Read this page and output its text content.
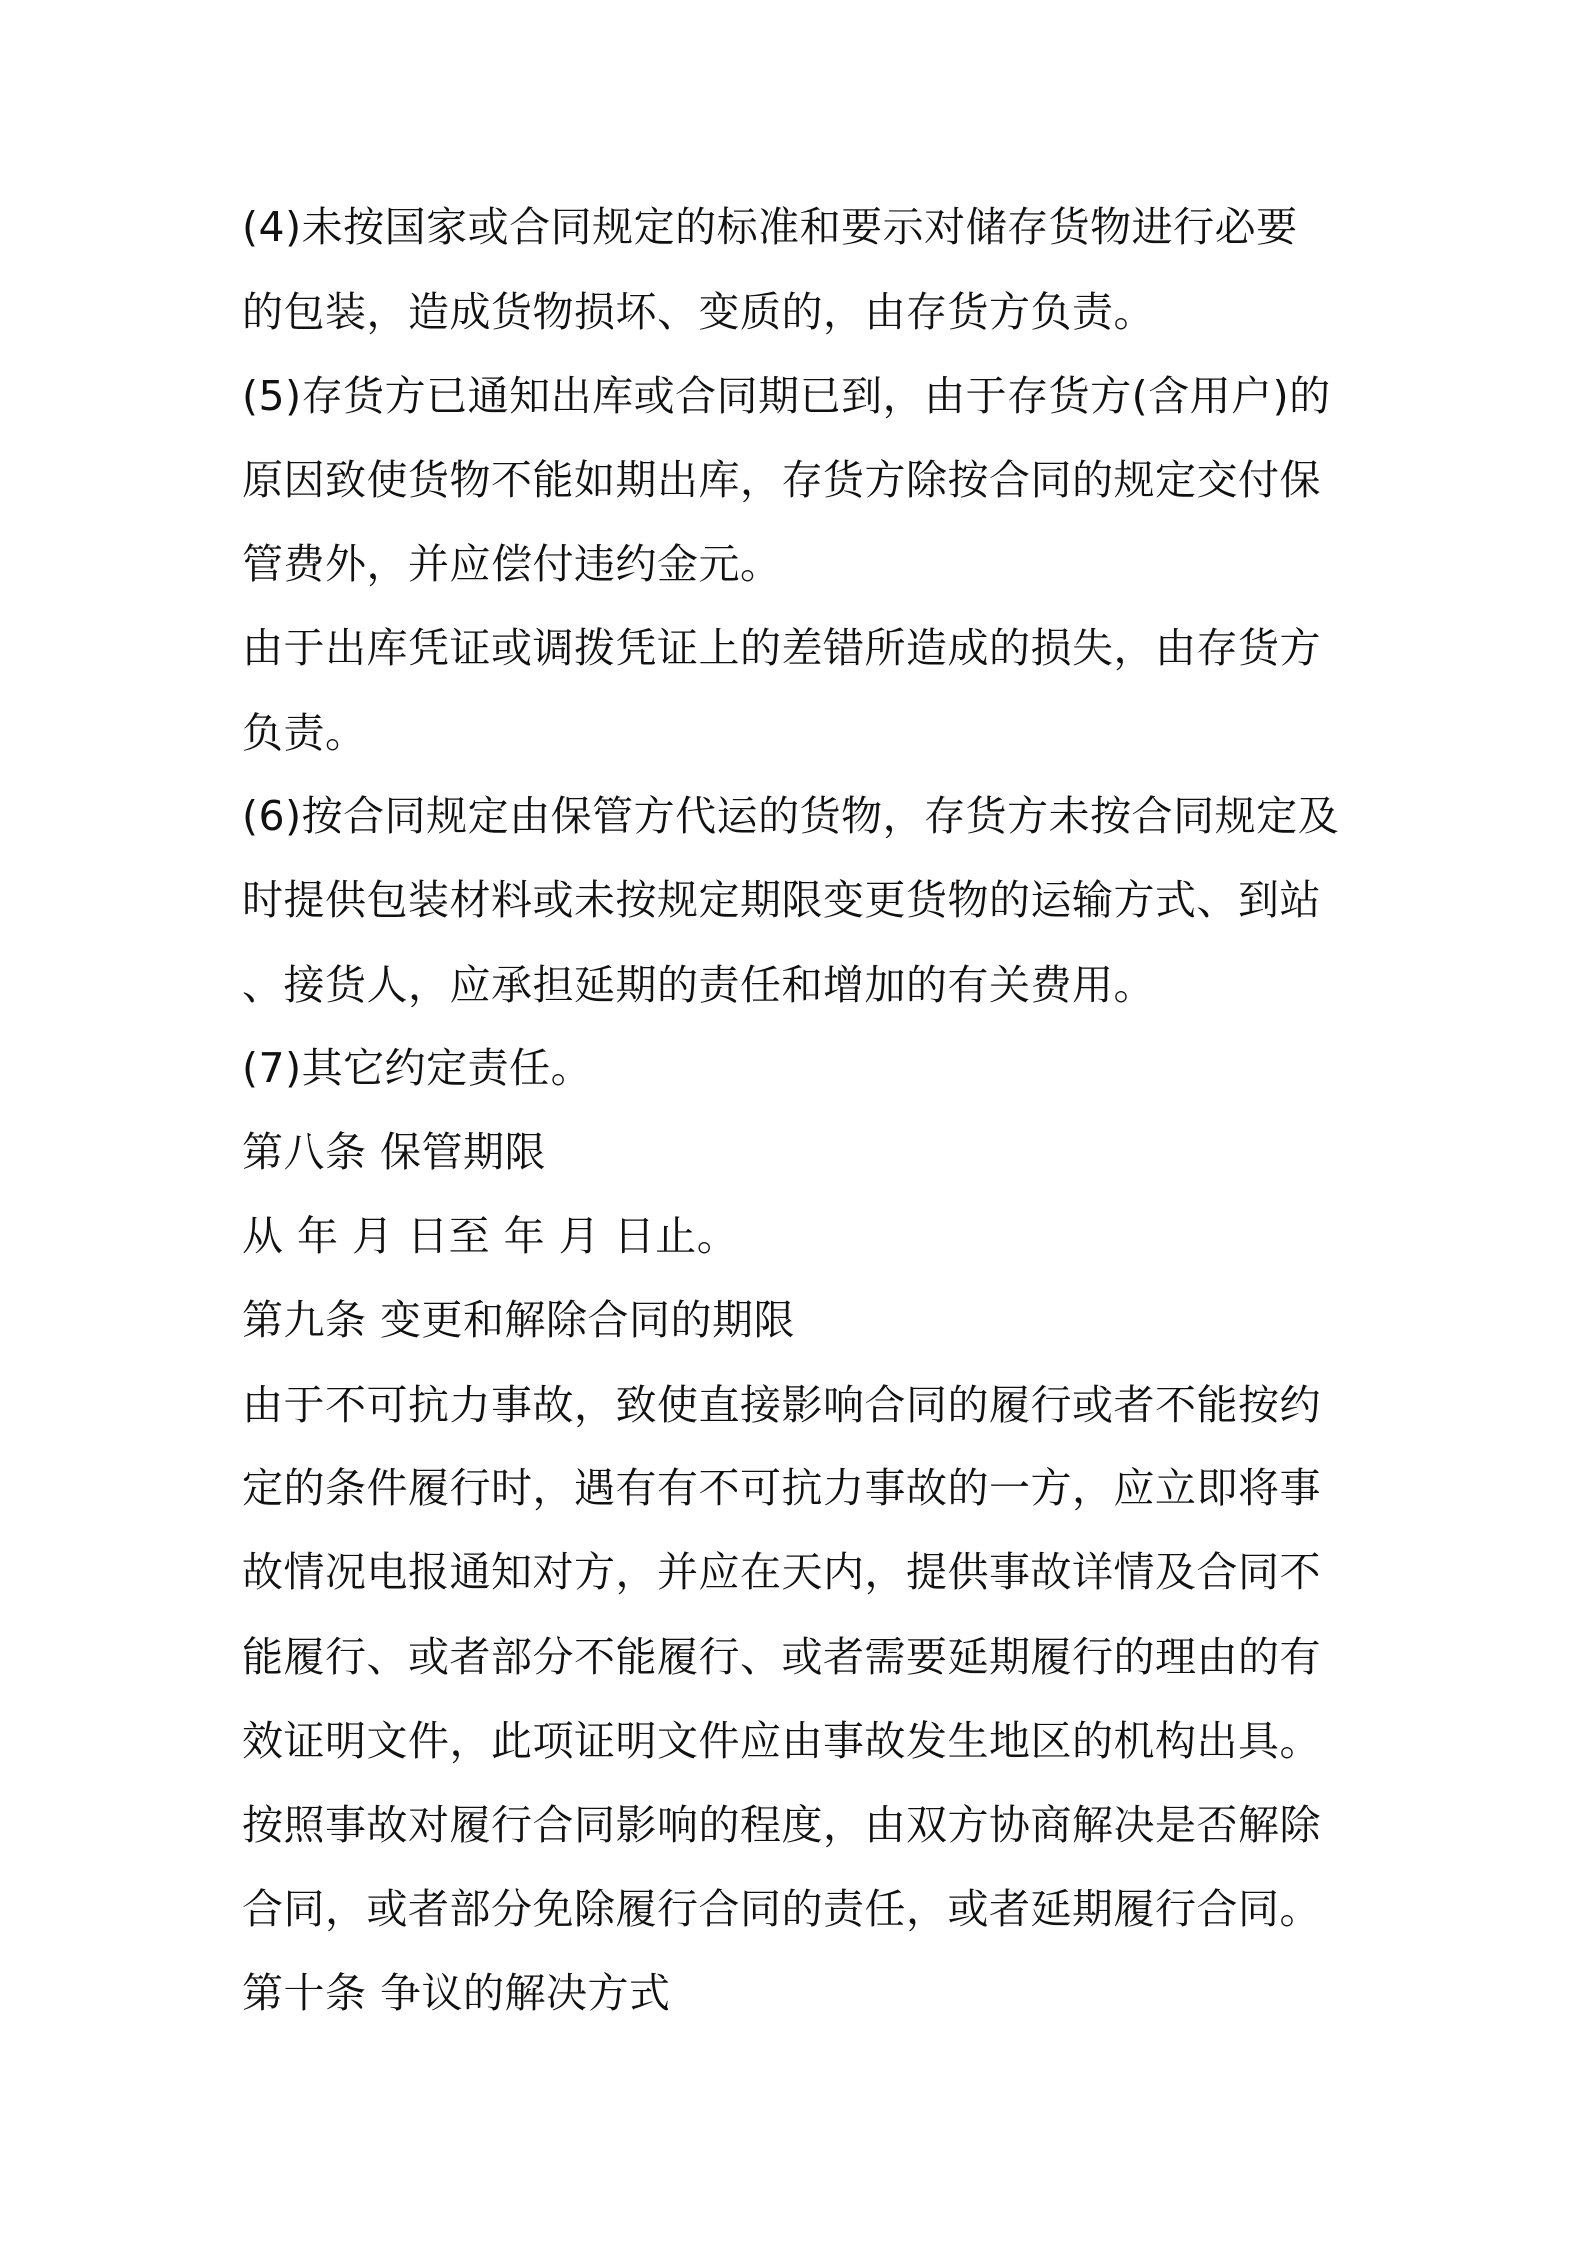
(4)未按国家或合同规定的标准和要示对储存货物进行必要
的包装，造成货物损坏、变质的，由存货方负责。
(5)存货方已通知出库或合同期已到，由于存货方(含用户)的
原因致使货物不能如期出库，存货方除按合同的规定交付保
管费外，并应偿付违约金元。
由于出库凭证或调拨凭证上的差错所造成的损失，由存货方
负责。
(6)按合同规定由保管方代运的货物，存货方未按合同规定及
时提供包装材料或未按规定期限变更货物的运输方式、到站
、接货人，应承担延期的责任和增加的有关费用。
(7)其它约定责任。
第八条 保管期限
从 年 月 日至 年 月 日止。
第九条 变更和解除合同的期限
由于不可抗力事故，致使直接影响合同的履行或者不能按约
定的条件履行时，遇有有不可抗力事故的一方，应立即将事
故情况电报通知对方，并应在天内，提供事故详情及合同不
能履行、或者部分不能履行、或者需要延期履行的理由的有
效证明文件，此项证明文件应由事故发生地区的机构出具。
按照事故对履行合同影响的程度，由双方协商解决是否解除
合同，或者部分免除履行合同的责任，或者延期履行合同。
第十条 争议的解决方式
